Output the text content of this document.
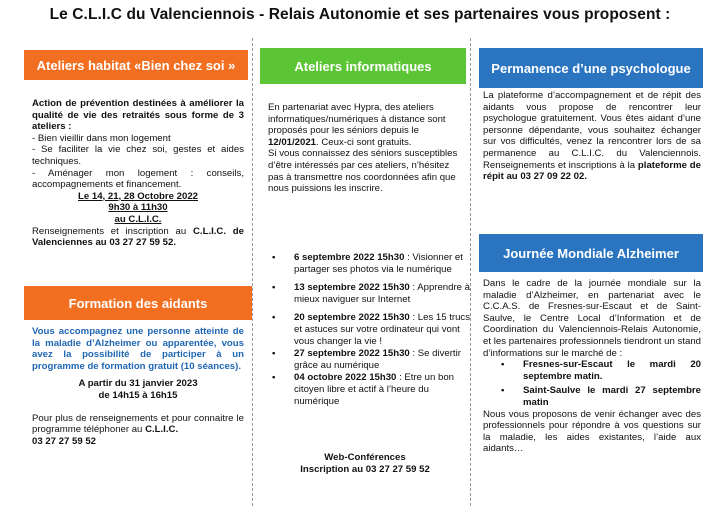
Le C.L.I.C du Valenciennois - Relais Autonomie et ses partenaires vous proposent :
Ateliers habitat «Bien chez soi »

Action de prévention destinées à améliorer la qualité de vie des retraités sous forme de 3 ateliers :

- Bien vieillir dans mon logement

- Se faciliter la vie chez soi, gestes et aides techniques.

- Aménager mon logement : conseils, accompagnements et financement.

Le 14, 21, 28 Octobre 2022

9h30 à 11h30

au C.L.I.C.

Renseignements et inscription au C.L.I.C. de Valenciennes au 03 27 27 59 52.

Formation des aidants

Vous accompagnez une personne atteinte de la maladie d’Alzheimer ou apparentée, vous avez la possibilité de participer à un programme de formation gratuit (10 séances).

A partir du 31 janvier 2023

de 14h15 à 16h15

Pour plus de renseignements et pour connaitre le programme téléphoner au C.L.I.C.

03 27 27 59 52

Ateliers informatiques

En partenariat avec Hypra, des ateliers informatiques/numériques à distance sont proposés pour les séniors depuis le 12/01/2021. Ceux-ci sont gratuits.

Si vous connaissez des séniors susceptibles d’être intéressés par ces ateliers, n’hésitez pas à transmettre nos coordonnées afin que nous puissions les inscrire.

• 6 septembre 2022 15h30 : Visionner et partager ses photos via le numérique
• 13 septembre 2022 15h30 : Apprendre à mieux naviguer sur Internet
• 20 septembre 2022 15h30 : Les 15 trucs et astuces sur votre ordinateur qui vont vous changer la vie !
• 27 septembre 2022 15h30 : Se divertir grâce au numérique
• 04 octobre 2022 15h30 : Etre un bon citoyen libre et actif à l’heure du numérique

Web-Conférences

Inscription au 03 27 27 59 52

Permanence d’une psychologue

La plateforme d’accompagnement et de répit des aidants vous propose de rencontrer leur psychologue gratuitement. Vous êtes aidant d’une personne dépendante, vous souhaitez échanger sur vos difficultés, venez la rencontrer lors de sa permanence au C.L.I.C. du Valenciennois. Renseignements et inscriptions à la plateforme de répit au 03 27 09 22 02.

Journée Mondiale Alzheimer

Dans le cadre de la journée mondiale sur la maladie d’Alzheimer, en partenariat avec le C.C.A.S. de Fresnes-sur-Escaut et de Saint-Saulve, le Centre Local d’Information et de Coordination du Valenciennois-Relais Autonomie, et les partenaires professionnels tiendront un stand d’informations sur le marché de :

• Fresnes-sur-Escaut le mardi 20 septembre matin.
• Saint-Saulve le mardi 27 septembre matin

Nous vous proposons de venir échanger avec des professionnels pour répondre à vos questions sur la maladie, les aides existantes, l’aide aux aidants…
